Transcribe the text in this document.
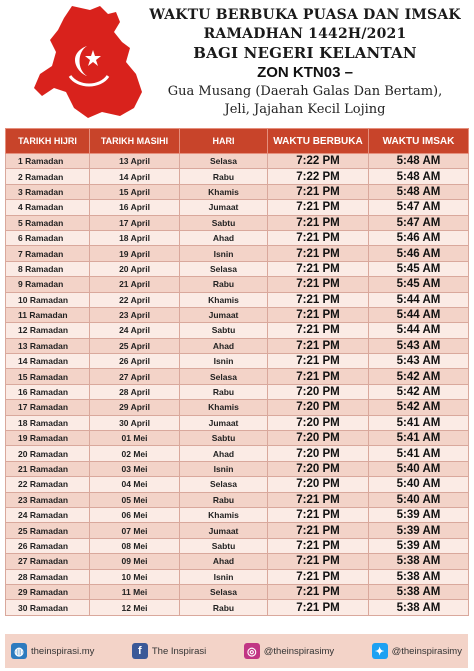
WAKTU BERBUKA PUASA DAN IMSAK
RAMADHAN 1442H/2021
BAGI NEGERI KELANTAN
ZON KTN03 –
Gua Musang (Daerah Galas Dan Bertam),
Jeli, Jajahan Kecil Lojing
TARIKH HIJRI	TARIKH MASIHI	HARI	WAKTU BERBUKA	WAKTU IMSAK
1 Ramadan	13 April	Selasa	7:22 PM	5:48 AM
2 Ramadan	14 April	Rabu	7:22 PM	5:48 AM
3 Ramadan	15 April	Khamis	7:21 PM	5:48 AM
4 Ramadan	16 April	Jumaat	7:21 PM	5:47 AM
5 Ramadan	17 April	Sabtu	7:21 PM	5:47 AM
6 Ramadan	18 April	Ahad	7:21 PM	5:46 AM
7 Ramadan	19 April	Isnin	7:21 PM	5:46 AM
8 Ramadan	20 April	Selasa	7:21 PM	5:45 AM
9 Ramadan	21 April	Rabu	7:21 PM	5:45 AM
10 Ramadan	22 April	Khamis	7:21 PM	5:44 AM
11 Ramadan	23 April	Jumaat	7:21 PM	5:44 AM
12 Ramadan	24 April	Sabtu	7:21 PM	5:44 AM
13 Ramadan	25 April	Ahad	7:21 PM	5:43 AM
14 Ramadan	26 April	Isnin	7:21 PM	5:43 AM
15 Ramadan	27 April	Selasa	7:21 PM	5:42 AM
16 Ramadan	28 April	Rabu	7:20 PM	5:42 AM
17 Ramadan	29 April	Khamis	7:20 PM	5:42 AM
18 Ramadan	30 April	Jumaat	7:20 PM	5:41 AM
19 Ramadan	01 Mei	Sabtu	7:20 PM	5:41 AM
20 Ramadan	02 Mei	Ahad	7:20 PM	5:41 AM
21 Ramadan	03 Mei	Isnin	7:20 PM	5:40 AM
22 Ramadan	04 Mei	Selasa	7:20 PM	5:40 AM
23 Ramadan	05 Mei	Rabu	7:21 PM	5:40 AM
24 Ramadan	06 Mei	Khamis	7:21 PM	5:39 AM
25 Ramadan	07 Mei	Jumaat	7:21 PM	5:39 AM
26 Ramadan	08 Mei	Sabtu	7:21 PM	5:39 AM
27 Ramadan	09 Mei	Ahad	7:21 PM	5:38 AM
28 Ramadan	10 Mei	Isnin	7:21 PM	5:38 AM
29 Ramadan	11 Mei	Selasa	7:21 PM	5:38 AM
30 Ramadan	12 Mei	Rabu	7:21 PM	5:38 AM
◍ theinspirasi.my	f	The Inspirasi	◎ @theinspirasimy	✦ @theinspirasimy
